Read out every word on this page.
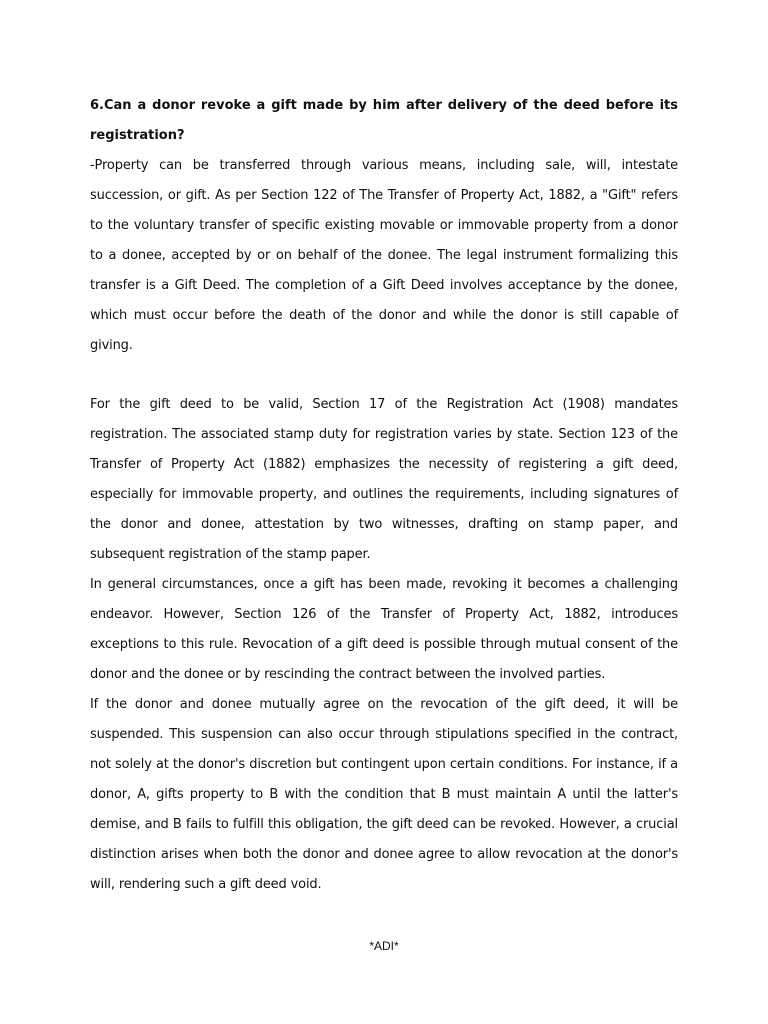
6.Can a donor revoke a gift made by him after delivery of the deed before its registration?

-Property can be transferred through various means, including sale, will, intestate succession, or gift. As per Section 122 of The Transfer of Property Act, 1882, a "Gift" refers to the voluntary transfer of specific existing movable or immovable property from a donor to a donee, accepted by or on behalf of the donee. The legal instrument formalizing this transfer is a Gift Deed. The completion of a Gift Deed involves acceptance by the donee, which must occur before the death of the donor and while the donor is still capable of giving.

For the gift deed to be valid, Section 17 of the Registration Act (1908) mandates registration. The associated stamp duty for registration varies by state. Section 123 of the Transfer of Property Act (1882) emphasizes the necessity of registering a gift deed, especially for immovable property, and outlines the requirements, including signatures of the donor and donee, attestation by two witnesses, drafting on stamp paper, and subsequent registration of the stamp paper.

In general circumstances, once a gift has been made, revoking it becomes a challenging endeavor. However, Section 126 of the Transfer of Property Act, 1882, introduces exceptions to this rule. Revocation of a gift deed is possible through mutual consent of the donor and the donee or by rescinding the contract between the involved parties.

If the donor and donee mutually agree on the revocation of the gift deed, it will be suspended. This suspension can also occur through stipulations specified in the contract, not solely at the donor's discretion but contingent upon certain conditions. For instance, if a donor, A, gifts property to B with the condition that B must maintain A until the latter's demise, and B fails to fulfill this obligation, the gift deed can be revoked. However, a crucial distinction arises when both the donor and donee agree to allow revocation at the donor's will, rendering such a gift deed void.

*ADI*
